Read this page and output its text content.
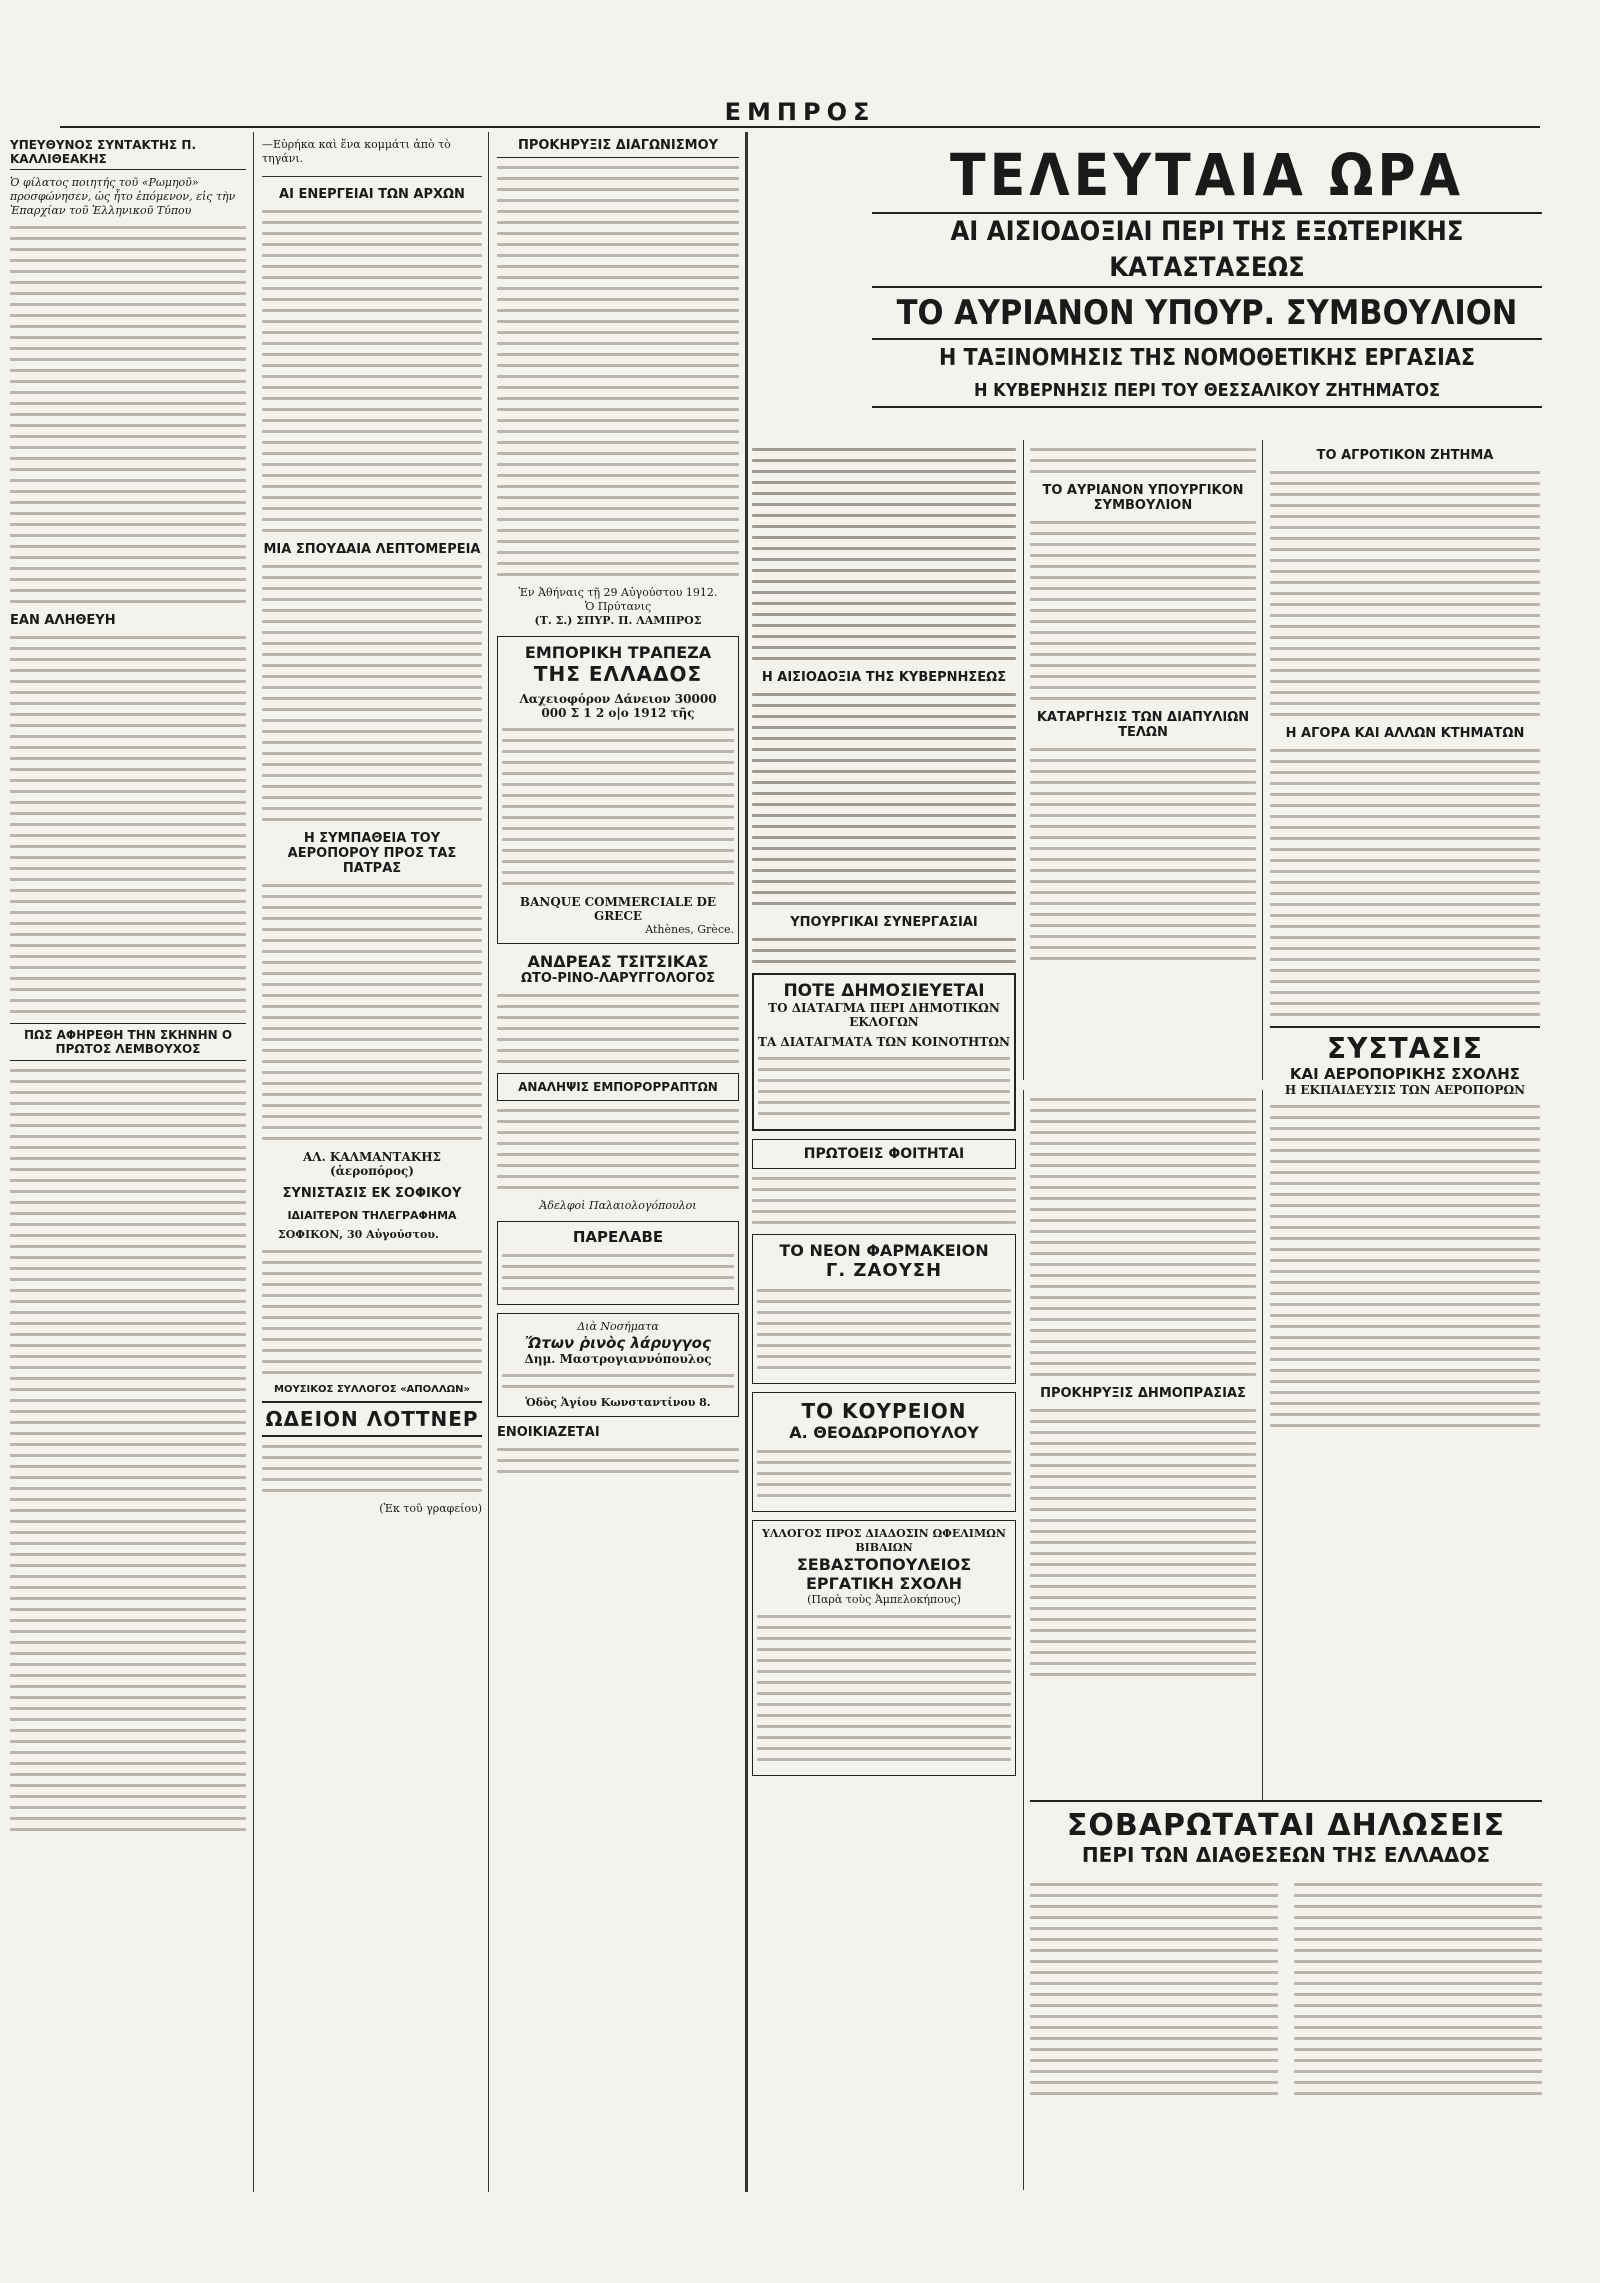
ΕΜΠΡΟΣ
ΥΠΕΥΘΥΝΟΣ ΣΥΝΤΑΚΤΗΣ Π. ΚΑΛΛΙΘΕΑΚΗΣ
Ὁ φίλατος ποιητής τοῦ «Ρωμηοῦ» προσφώνησεν, ὡς ἦτο ἐπόμενον, εἰς τὴν Ἐπαρχίαν τοῦ Ἑλληνικοῦ Τύπου
ΕΑΝ ΑΛΗΘΕΥΗ
ΠΩΣ ΑΦΗΡΕΘΗ ΤΗΝ ΣΚΗΝΗΝ Ο ΠΡΩΤΟΣ ΛΕΜΒΟΥΧΟΣ
—Εὐρήκα καὶ ἕνα κομμάτι ἀπὸ τὸ τηγάνι.
ΑΙ ΕΝΕΡΓΕΙΑΙ ΤΩΝ ΑΡΧΩΝ
ΜΙΑ ΣΠΟΥΔΑΙΑ ΛΕΠΤΟΜΕΡΕΙΑ
Η ΣΥΜΠΑΘΕΙΑ ΤΟΥ ΑΕΡΟΠΟΡΟΥ ΠΡΟΣ ΤΑΣ ΠΑΤΡΑΣ
ΑΛ. ΚΑΛΜΑΝΤΑΚΗΣ (ἀεροπόρος)
ΣΥΝΙΣΤΑΣΙΣ ΕΚ ΣΟΦΙΚΟΥ
ΙΔΙΑΙΤΕΡΟΝ ΤΗΛΕΓΡΑΦΗΜΑ
ΣΟΦΙΚΟΝ, 30 Αὐγούστου.
ΜΟΥΣΙΚΟΣ ΣΥΛΛΟΓΟΣ «ΑΠΟΛΛΩΝ»
ΩΔΕΙΟΝ ΛΟΤΤΝΕΡ
(Ἐκ τοῦ γραφείου)
ΠΡΟΚΗΡΥΞΙΣ ΔΙΑΓΩΝΙΣΜΟΥ
Ἐν Ἀθήναις τῇ 29 Αὐγούστου 1912.
Ὁ Πρύτανις
(Τ. Σ.) ΣΠΥΡ. Π. ΛΑΜΠΡΟΣ
ΕΜΠΟΡΙΚΗ ΤΡΑΠΕΖΑ
ΤΗΣ ΕΛΛΑΔΟΣ
Λαχειοφόρον Δάνειον 30000
000 Σ 1 2 ο|ο 1912 τῆς
BANQUE COMMERCIALE DE GRECE
Athènes, Grèce.
ΑΝΔΡΕΑΣ ΤΣΙΤΣΙΚΑΣ
ΩΤΟ-ΡΙΝΟ-ΛΑΡΥΓΓΟΛΟΓΟΣ
ΑΝΑΛΗΨΙΣ ΕΜΠΟΡΟΡΡΑΠΤΩΝ
Ἀδελφοὶ Παλαιολογόπουλοι
ΠΑΡΕΛΑΒΕ
Διὰ Νοσήματα
Ὤτων ῥινὸς λάρυγγος
Δημ. Μαστρογιαννόπουλος
Ὁδὸς Ἁγίου Κωνσταντίνου 8.
ΕΝΟΙΚΙΑΖΕΤΑΙ
ΤΕΛΕΥΤΑΙΑ ΩΡΑ
ΑΙ ΑΙΣΙΟΔΟΞΙΑΙ ΠΕΡΙ ΤΗΣ ΕΞΩΤΕΡΙΚΗΣ ΚΑΤΑΣΤΑΣΕΩΣ
ΤΟ ΑΥΡΙΑΝΟΝ ΥΠΟΥΡ. ΣΥΜΒΟΥΛΙΟΝ
Η ΤΑΞΙΝΟΜΗΣΙΣ ΤΗΣ ΝΟΜΟΘΕΤΙΚΗΣ ΕΡΓΑΣΙΑΣ
Η ΚΥΒΕΡΝΗΣΙΣ ΠΕΡΙ ΤΟΥ ΘΕΣΣΑΛΙΚΟΥ ΖΗΤΗΜΑΤΟΣ
Η ΑΙΣΙΟΔΟΞΙΑ ΤΗΣ ΚΥΒΕΡΝΗΣΕΩΣ
ΥΠΟΥΡΓΙΚΑΙ ΣΥΝΕΡΓΑΣΙΑΙ
ΠΟΤΕ ΔΗΜΟΣΙΕΥΕΤΑΙ
ΤΟ ΔΙΑΤΑΓΜΑ ΠΕΡΙ ΔΗΜΟΤΙΚΩΝ ΕΚΛΟΓΩΝ
ΤΑ ΔΙΑΤΑΓΜΑΤΑ ΤΩΝ ΚΟΙΝΟΤΗΤΩΝ
ΠΡΩΤΟΕΙΣ ΦΟΙΤΗΤΑΙ
ΤΟ ΝΕΟΝ ΦΑΡΜΑΚΕΙΟΝ
Γ. ΖΑΟΥΣΗ
ΤΟ ΚΟΥΡΕΙΟΝ
Α. ΘΕΟΔΩΡΟΠΟΥΛΟΥ
ΥΛΛΟΓΟΣ ΠΡΟΣ ΔΙΑΔΟΣΙΝ ΩΦΕΛΙΜΩΝ ΒΙΒΛΙΩΝ
ΣΕΒΑΣΤΟΠΟΥΛΕΙΟΣ
ΕΡΓΑΤΙΚΗ ΣΧΟΛΗ
(Παρὰ τοὺς Ἀμπελοκήπους)
ΤΟ ΑΥΡΙΑΝΟΝ ΥΠΟΥΡΓΙΚΟΝ ΣΥΜΒΟΥΛΙΟΝ
ΚΑΤΑΡΓΗΣΙΣ ΤΩΝ ΔΙΑΠΥΛΙΩΝ ΤΕΛΩΝ
ΤΟ ΑΓΡΟΤΙΚΟΝ ΖΗΤΗΜΑ
Η ΑΓΟΡΑ ΚΑΙ ΑΛΛΩΝ ΚΤΗΜΑΤΩΝ
ΣΥΣΤΑΣΙΣ
ΚΑΙ ΑΕΡΟΠΟΡΙΚΗΣ ΣΧΟΛΗΣ
Η ΕΚΠΑΙΔΕΥΣΙΣ ΤΩΝ ΑΕΡΟΠΟΡΩΝ
ΠΡΟΚΗΡΥΞΙΣ ΔΗΜΟΠΡΑΣΙΑΣ
ΣΟΒΑΡΩΤΑΤΑΙ ΔΗΛΩΣΕΙΣ
ΠΕΡΙ ΤΩΝ ΔΙΑΘΕΣΕΩΝ ΤΗΣ ΕΛΛΑΔΟΣ
